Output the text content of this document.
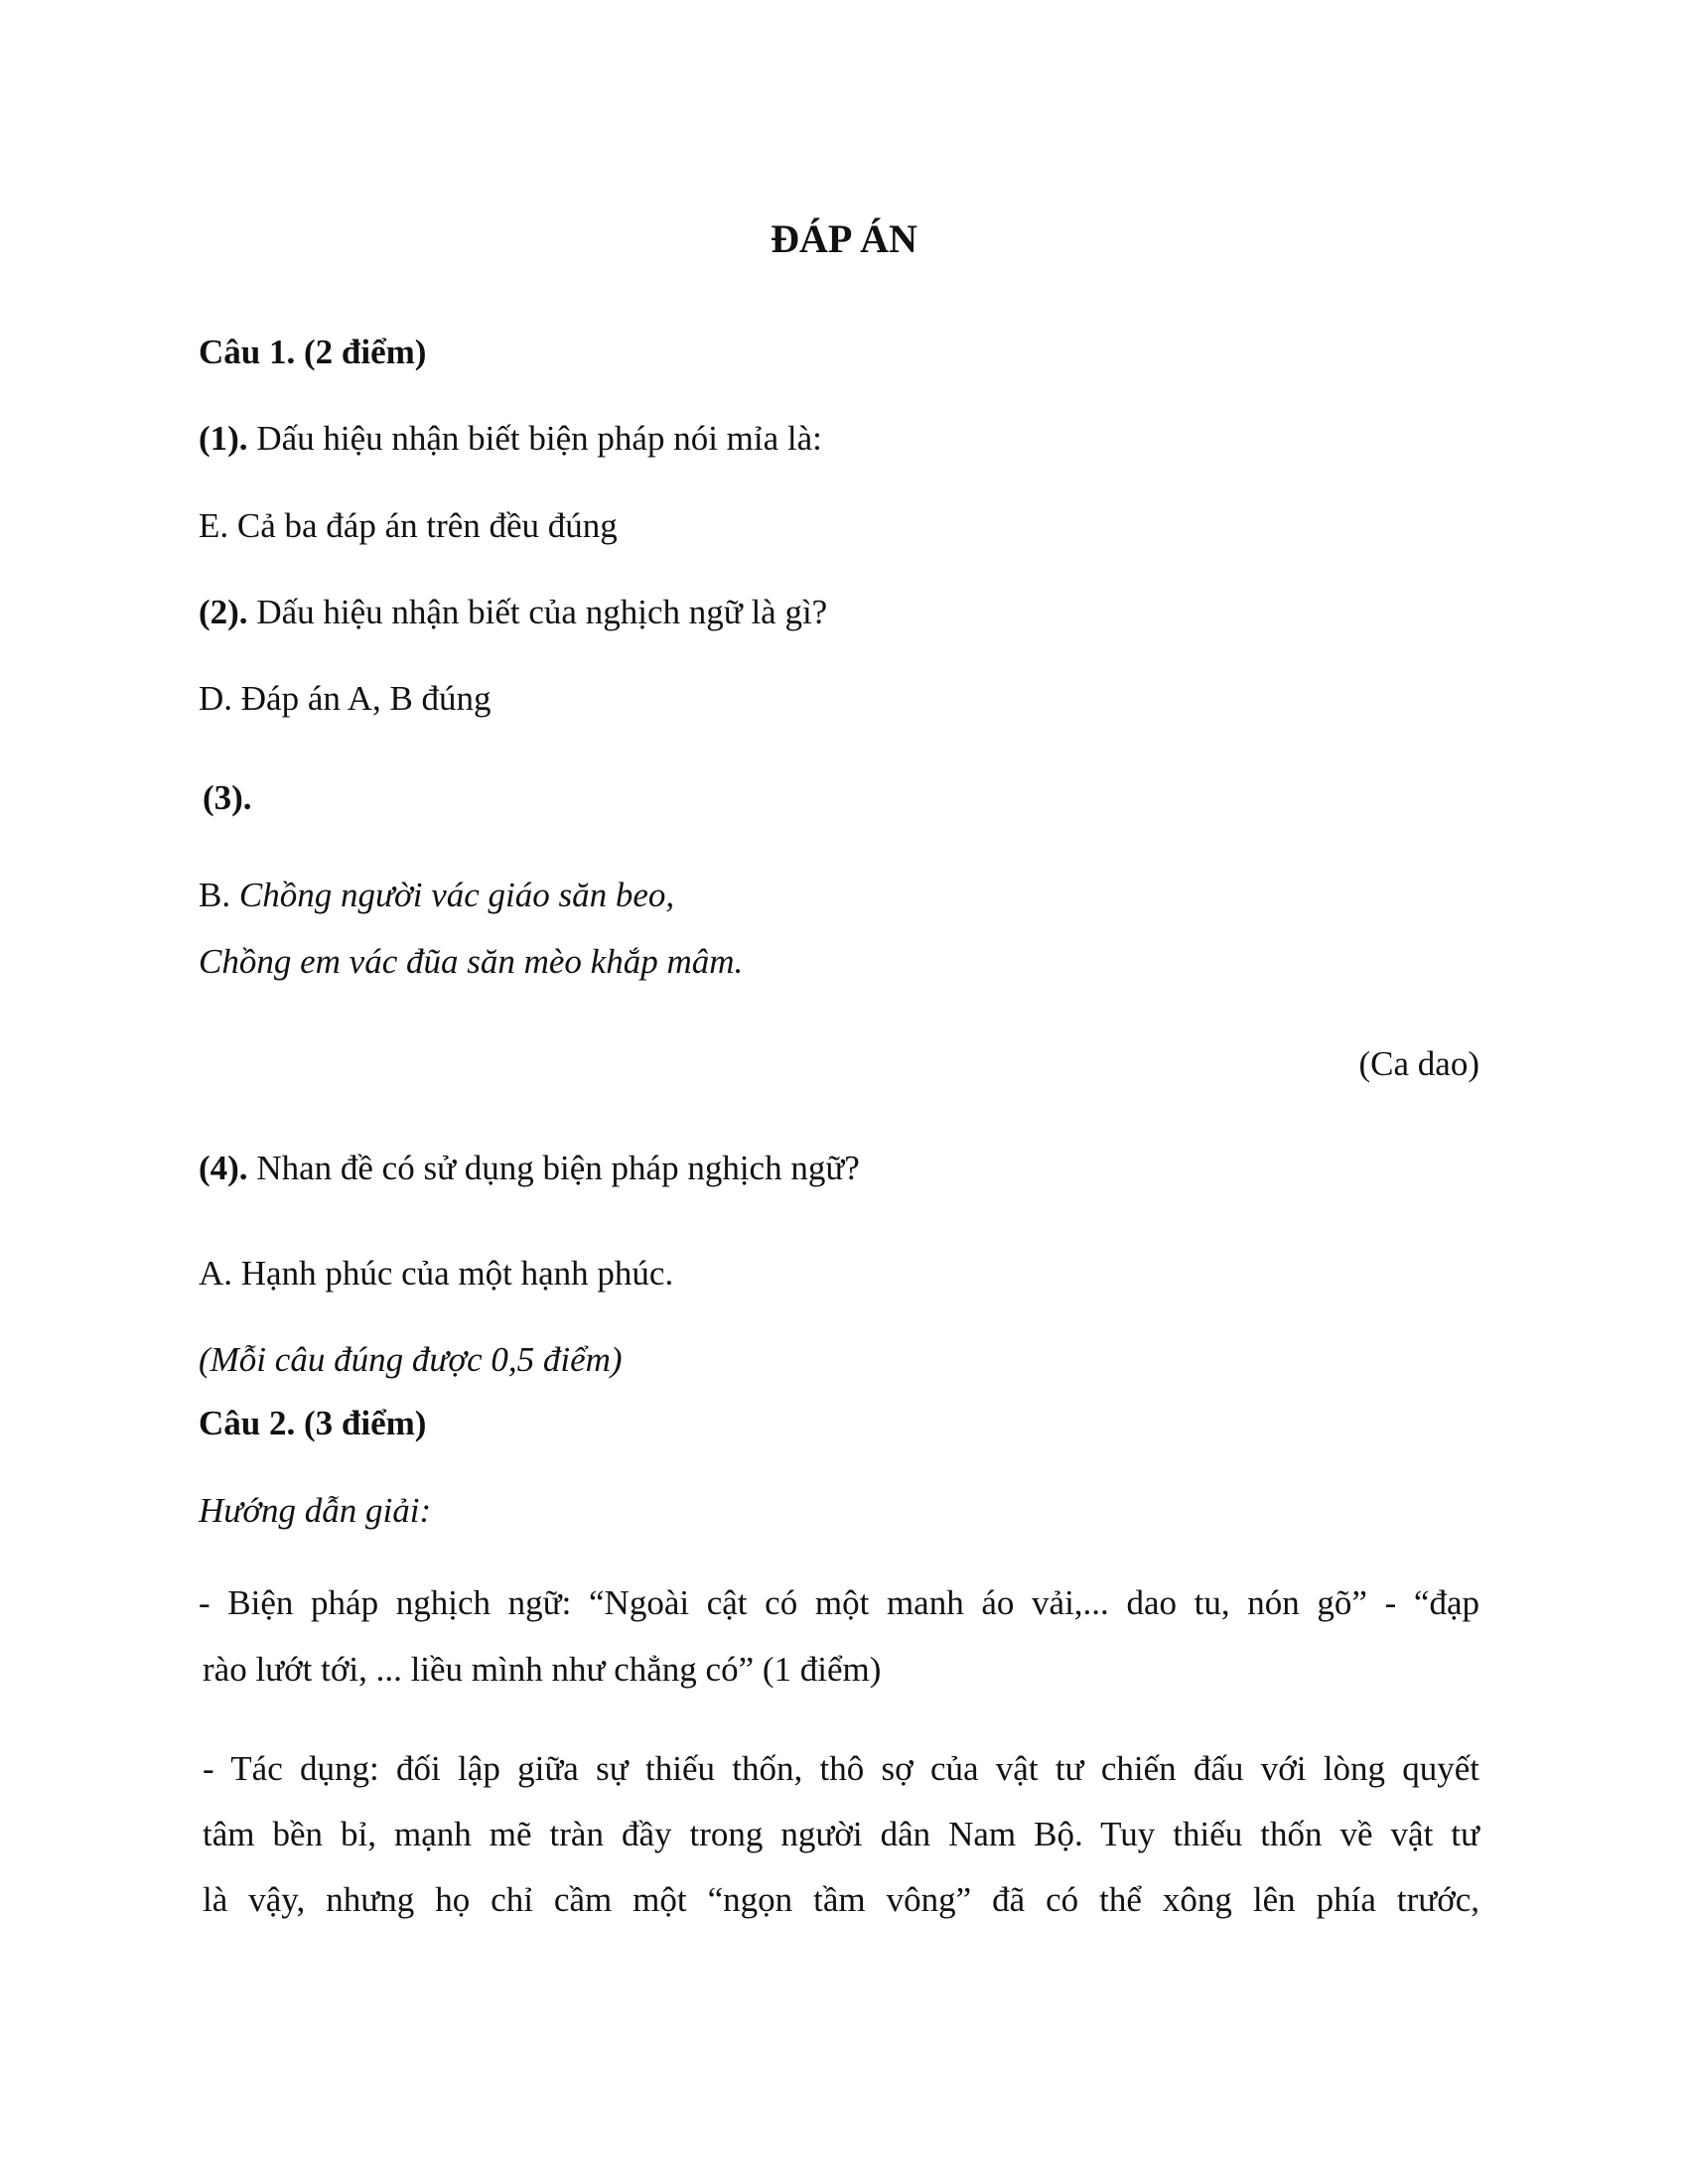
ĐÁP ÁN
Câu 1. (2 điểm)
(1). Dấu hiệu nhận biết biện pháp nói mỉa là:
E. Cả ba đáp án trên đều đúng
(2). Dấu hiệu nhận biết của nghịch ngữ là gì?
D. Đáp án A, B đúng
(3).
B. Chồng người vác giáo săn beo,
Chồng em vác đũa săn mèo khắp mâm.
(Ca dao)
(4). Nhan đề có sử dụng biện pháp nghịch ngữ?
A. Hạnh phúc của một hạnh phúc.
(Mỗi câu đúng được 0,5 điểm)
Câu 2. (3 điểm)
Hướng dẫn giải:
- Biện pháp nghịch ngữ: “Ngoài cật có một manh áo vải,... dao tu, nón gõ” - “đạp
rào lướt tới, ... liều mình như chẳng có” (1 điểm)
- Tác dụng: đối lập giữa sự thiếu thốn, thô sợ của vật tư chiến đấu với lòng quyết
tâm bền bỉ, mạnh mẽ tràn đầy trong người dân Nam Bộ. Tuy thiếu thốn về vật tư
là vậy, nhưng họ chỉ cầm một “ngọn tầm vông” đã có thể xông lên phía trước,
